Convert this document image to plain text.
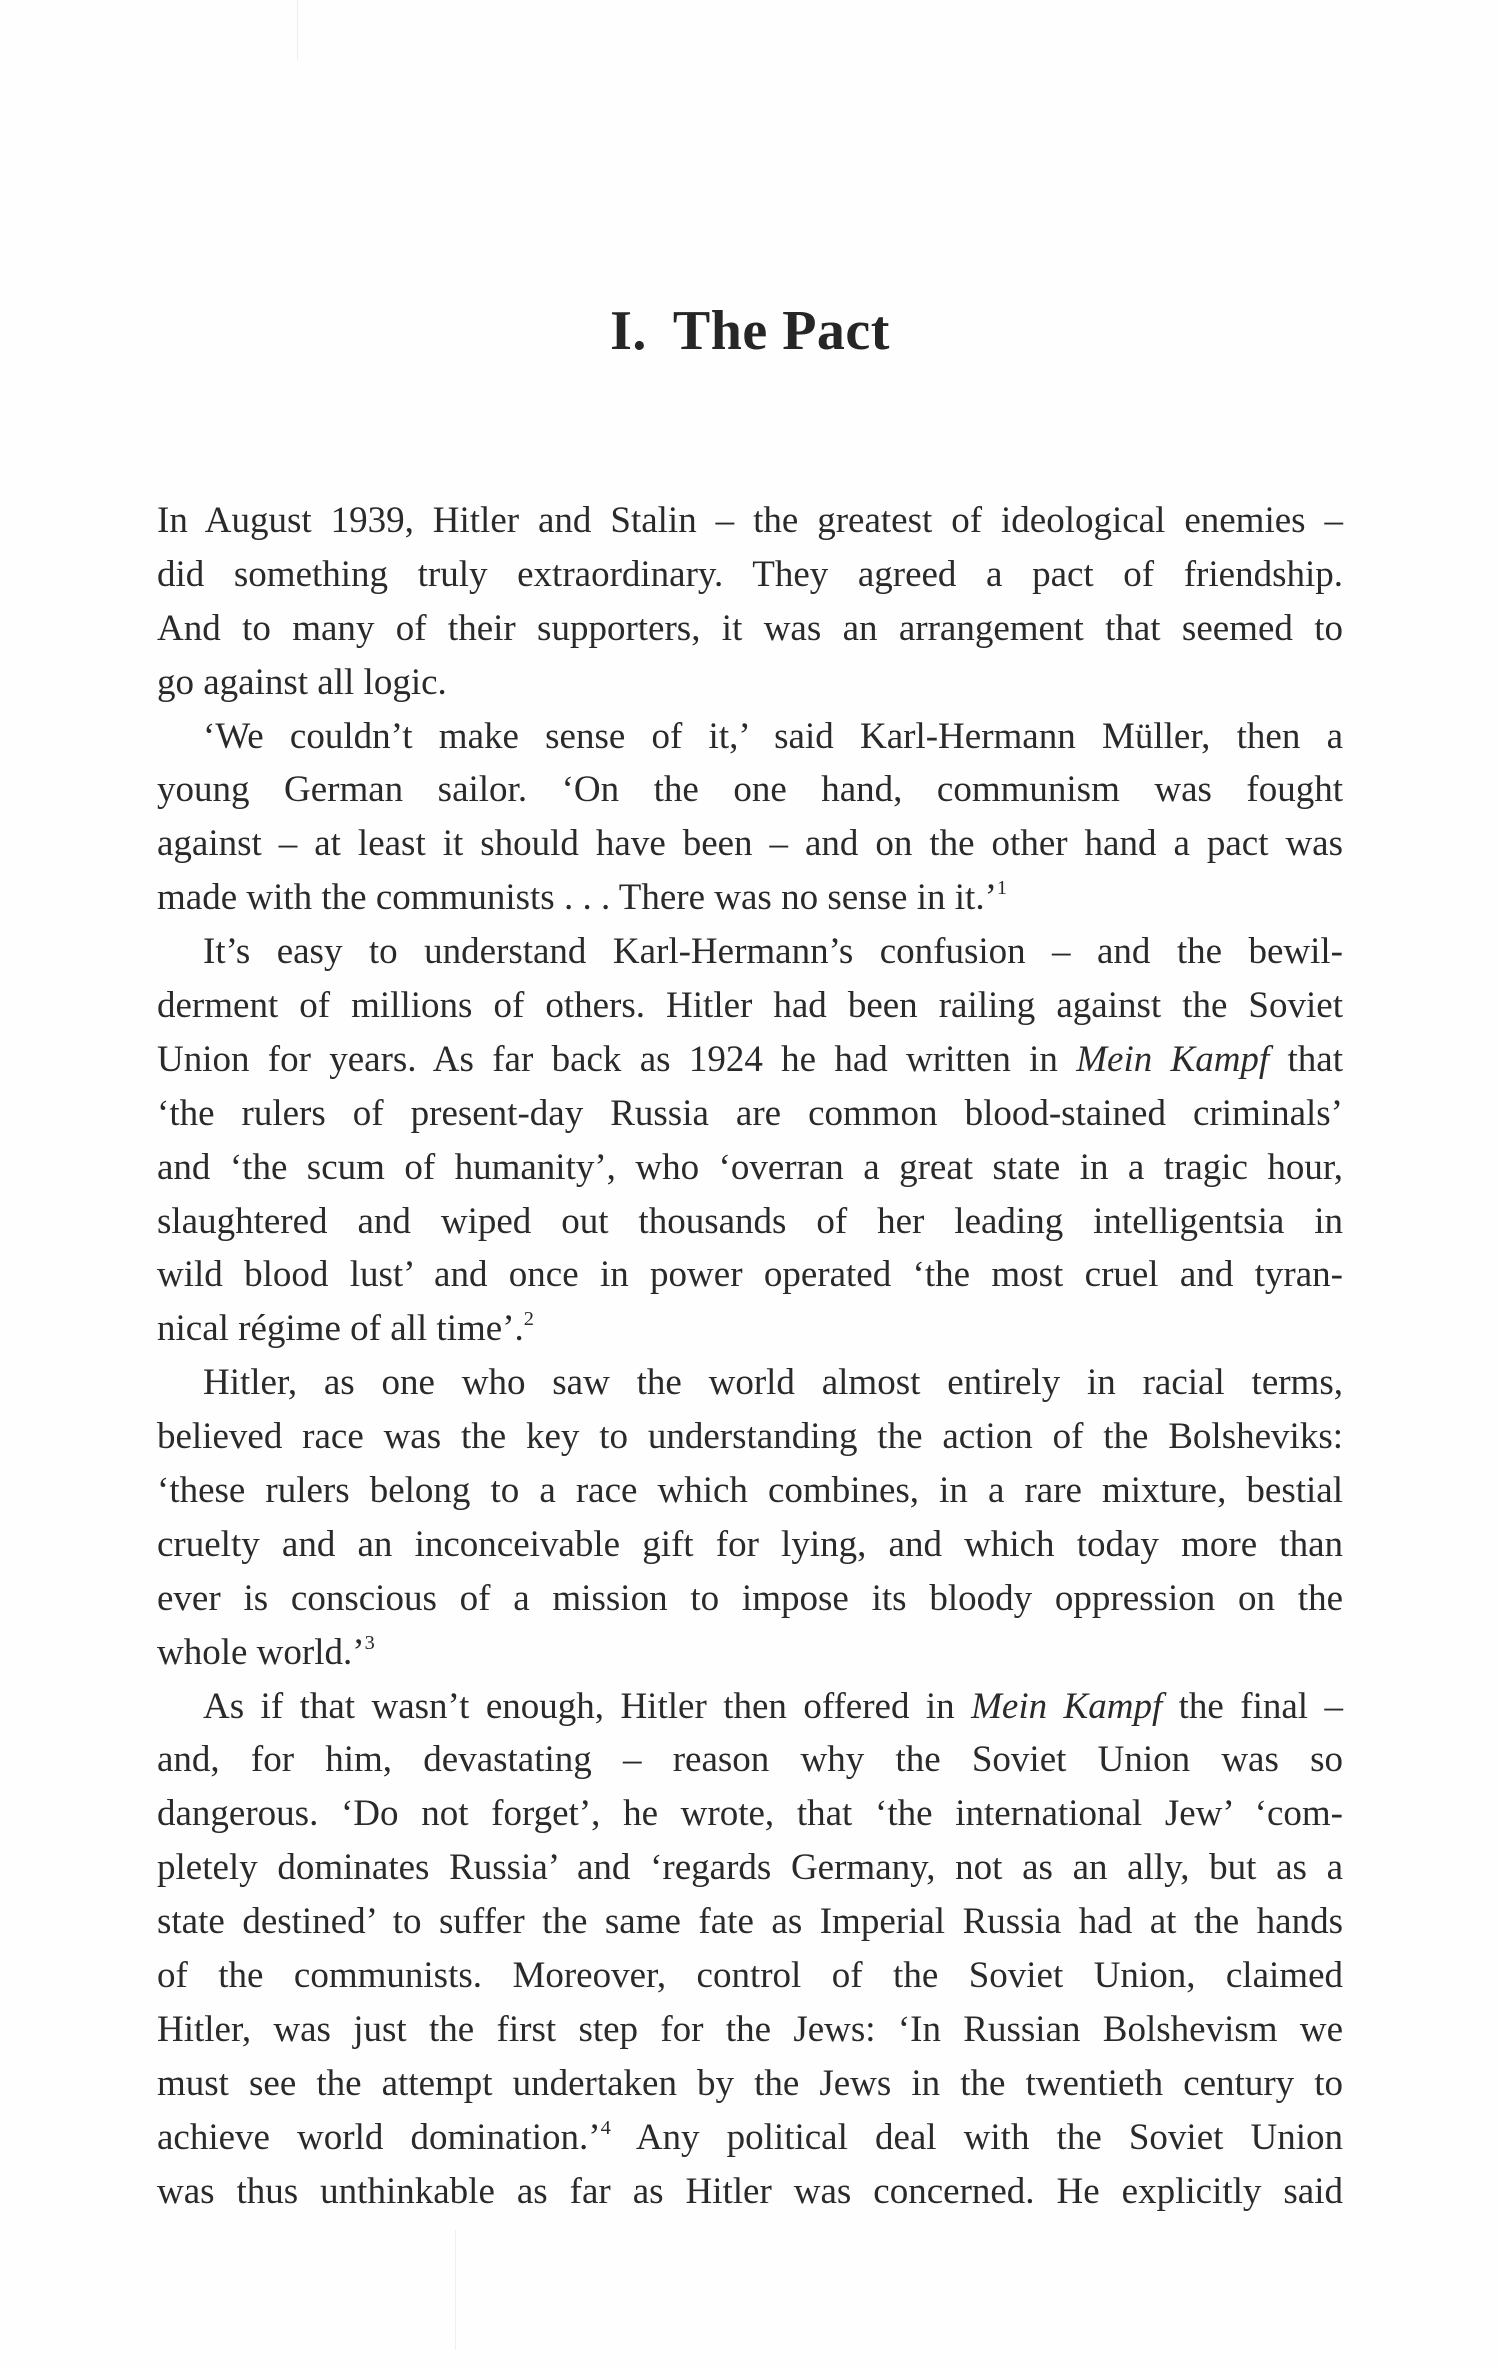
I. The Pact
In August 1939, Hitler and Stalin – the greatest of ideological enemies –
did something truly extraordinary. They agreed a pact of friendship.
And to many of their supporters, it was an arrangement that seemed to
go against all logic.
‘We couldn’t make sense of it,’ said Karl-Hermann Müller, then a
young German sailor. ‘On the one hand, communism was fought
against – at least it should have been – and on the other hand a pact was
made with the communists . . . There was no sense in it.’$^1$
It’s easy to understand Karl-Hermann’s confusion – and the bewil-
derment of millions of others. Hitler had been railing against the Soviet
Union for years. As far back as 1924 he had written in Mein Kampf that
‘the rulers of present-day Russia are common blood-stained criminals’
and ‘the scum of humanity’, who ‘overran a great state in a tragic hour,
slaughtered and wiped out thousands of her leading intelligentsia in
wild blood lust’ and once in power operated ‘the most cruel and tyran-
nical régime of all time’.$^2$
Hitler, as one who saw the world almost entirely in racial terms,
believed race was the key to understanding the action of the Bolsheviks:
‘these rulers belong to a race which combines, in a rare mixture, bestial
cruelty and an inconceivable gift for lying, and which today more than
ever is conscious of a mission to impose its bloody oppression on the
whole world.’$^3$
As if that wasn’t enough, Hitler then offered in Mein Kampf the final –
and, for him, devastating – reason why the Soviet Union was so
dangerous. ‘Do not forget’, he wrote, that ‘the international Jew’ ‘com-
pletely dominates Russia’ and ‘regards Germany, not as an ally, but as a
state destined’ to suffer the same fate as Imperial Russia had at the hands
of the communists. Moreover, control of the Soviet Union, claimed
Hitler, was just the first step for the Jews: ‘In Russian Bolshevism we
must see the attempt undertaken by the Jews in the twentieth century to
achieve world domination.’$^4$ Any political deal with the Soviet Union
was thus unthinkable as far as Hitler was concerned. He explicitly said
